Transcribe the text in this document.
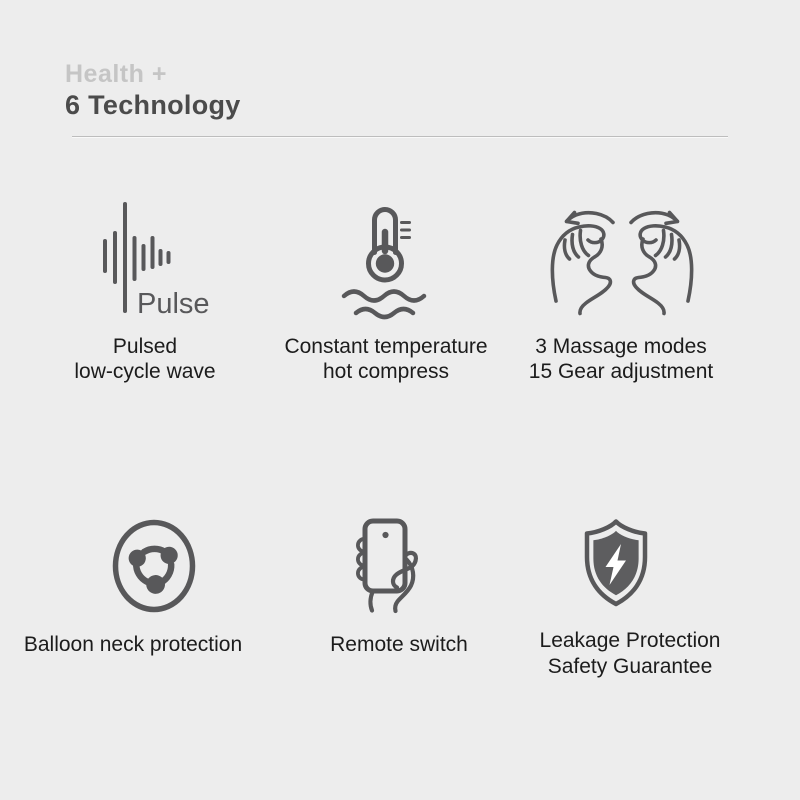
Health +
6 Technology
Pulse
Pulsed
low-cycle wave
Constant temperature
hot compress
3 Massage modes
15 Gear adjustment
Balloon neck protection	Remote switch	Leakage Protection
Safety Guarantee
